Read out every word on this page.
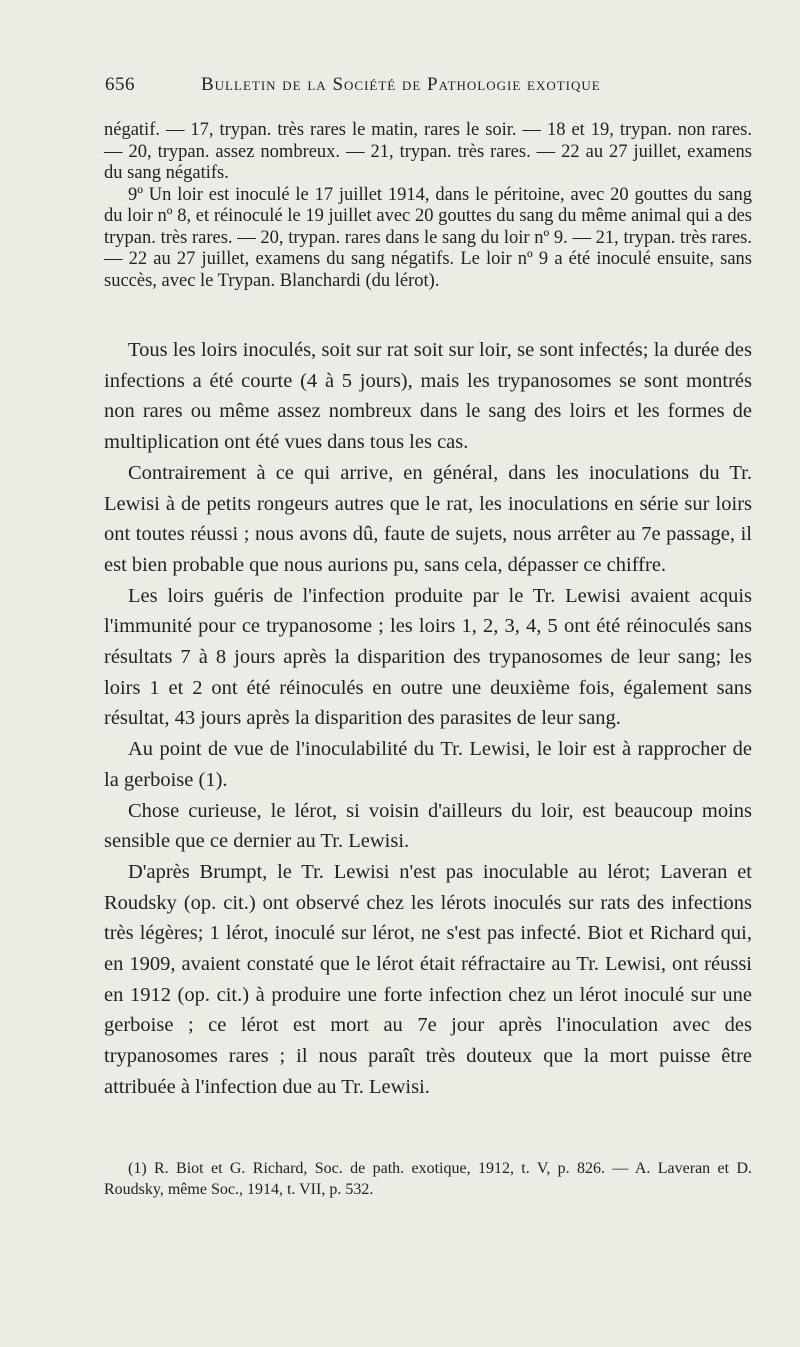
656	Bulletin de la Société de Pathologie exotique

négatif. — 17, trypan. très rares le matin, rares le soir. — 18 et 19, trypan. non rares. — 20, trypan. assez nombreux. — 21, trypan. très rares. — 22 au 27 juillet, examens du sang négatifs.

9º Un loir est inoculé le 17 juillet 1914, dans le péritoine, avec 20 gouttes du sang du loir nº 8, et réinoculé le 19 juillet avec 20 gouttes du sang du même animal qui a des trypan. très rares. — 20, trypan. rares dans le sang du loir nº 9. — 21, trypan. très rares. — 22 au 27 juillet, examens du sang négatifs. Le loir nº 9 a été inoculé ensuite, sans succès, avec le Trypan. Blanchardi (du lérot).

Tous les loirs inoculés, soit sur rat soit sur loir, se sont infectés; la durée des infections a été courte (4 à 5 jours), mais les trypanosomes se sont montrés non rares ou même assez nombreux dans le sang des loirs et les formes de multiplication ont été vues dans tous les cas.

Contrairement à ce qui arrive, en général, dans les inoculations du Tr. Lewisi à de petits rongeurs autres que le rat, les inoculations en série sur loirs ont toutes réussi ; nous avons dû, faute de sujets, nous arrêter au 7e passage, il est bien probable que nous aurions pu, sans cela, dépasser ce chiffre.

Les loirs guéris de l'infection produite par le Tr. Lewisi avaient acquis l'immunité pour ce trypanosome ; les loirs 1, 2, 3, 4, 5 ont été réinoculés sans résultats 7 à 8 jours après la disparition des trypanosomes de leur sang; les loirs 1 et 2 ont été réinoculés en outre une deuxième fois, également sans résultat, 43 jours après la disparition des parasites de leur sang.

Au point de vue de l'inoculabilité du Tr. Lewisi, le loir est à rapprocher de la gerboise (1).

Chose curieuse, le lérot, si voisin d'ailleurs du loir, est beaucoup moins sensible que ce dernier au Tr. Lewisi.

D'après Brumpt, le Tr. Lewisi n'est pas inoculable au lérot; Laveran et Roudsky (op. cit.) ont observé chez les lérots inoculés sur rats des infections très légères; 1 lérot, inoculé sur lérot, ne s'est pas infecté. Biot et Richard qui, en 1909, avaient constaté que le lérot était réfractaire au Tr. Lewisi, ont réussi en 1912 (op. cit.) à produire une forte infection chez un lérot inoculé sur une gerboise ; ce lérot est mort au 7e jour après l'inoculation avec des trypanosomes rares ; il nous paraît très douteux que la mort puisse être attribuée à l'infection due au Tr. Lewisi.

(1) R. Biot et G. Richard, Soc. de path. exotique, 1912, t. V, p. 826. — A. Laveran et D. Roudsky, même Soc., 1914, t. VII, p. 532.
